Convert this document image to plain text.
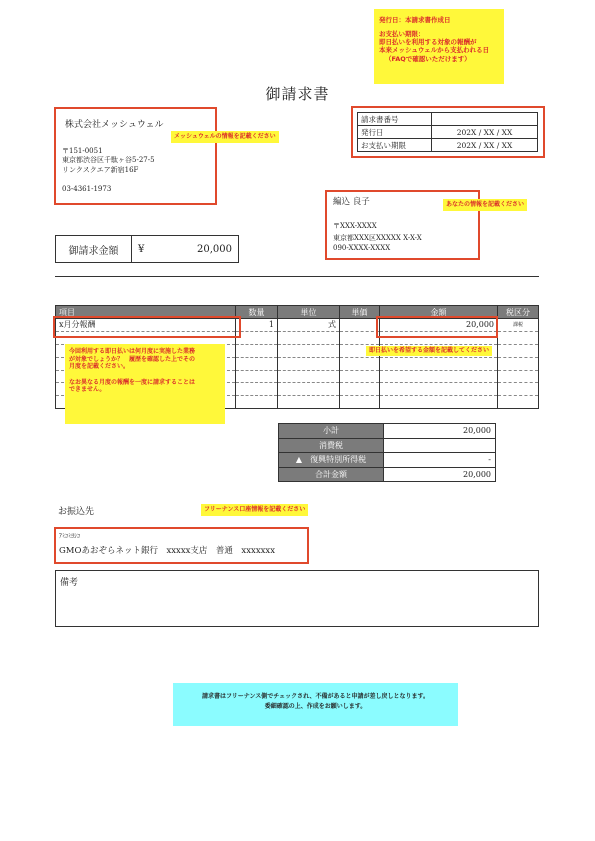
発行日：本請求書作成日
お支払い期限：
即日払いを利用する対象の報酬が
本来メッシュウェルから支払われる日
（FAQで確認いただけます）
御請求書
株式会社メッシュウェル
〒151-0051
東京都渋谷区千駄ヶ谷5-27-5
リンクスクエア新宿16F
03-4361-1973
メッシュウェルの情報を記載ください
請求書番号	
発行日	202X / XX / XX
お支払い期限	202X / XX / XX
編込 良子
〒XXX-XXXX
東京都XXX区XXXXX X-X-X
090-XXXX-XXXX
あなたの情報を記載ください
御請求金額	¥	20,000
項目	数量	単位	単価	金額	税区分
x月分報酬	1	式		20,000	課税

今回利用する即日払いは何月度に実施した業務
が対象でしょうか？　履歴を確認した上でその
月度を記載ください。
なお異なる月度の報酬を一度に請求することは
できません。
即日払いを希望する金額を記載してください
小計	20,000
消費税	
▲　復興特別所得税	-
合計金額	20,000
お振込先	フリーナンス口座情報を記載ください
ｱﾐｺﾐﾖｼｺ
GMOあおぞらネット銀行　xxxxx支店　普通　xxxxxxx
備考
請求書はフリーナンス側でチェックされ、不備があると申請が差し戻しとなります。
委細確認の上、作成をお願いします。
